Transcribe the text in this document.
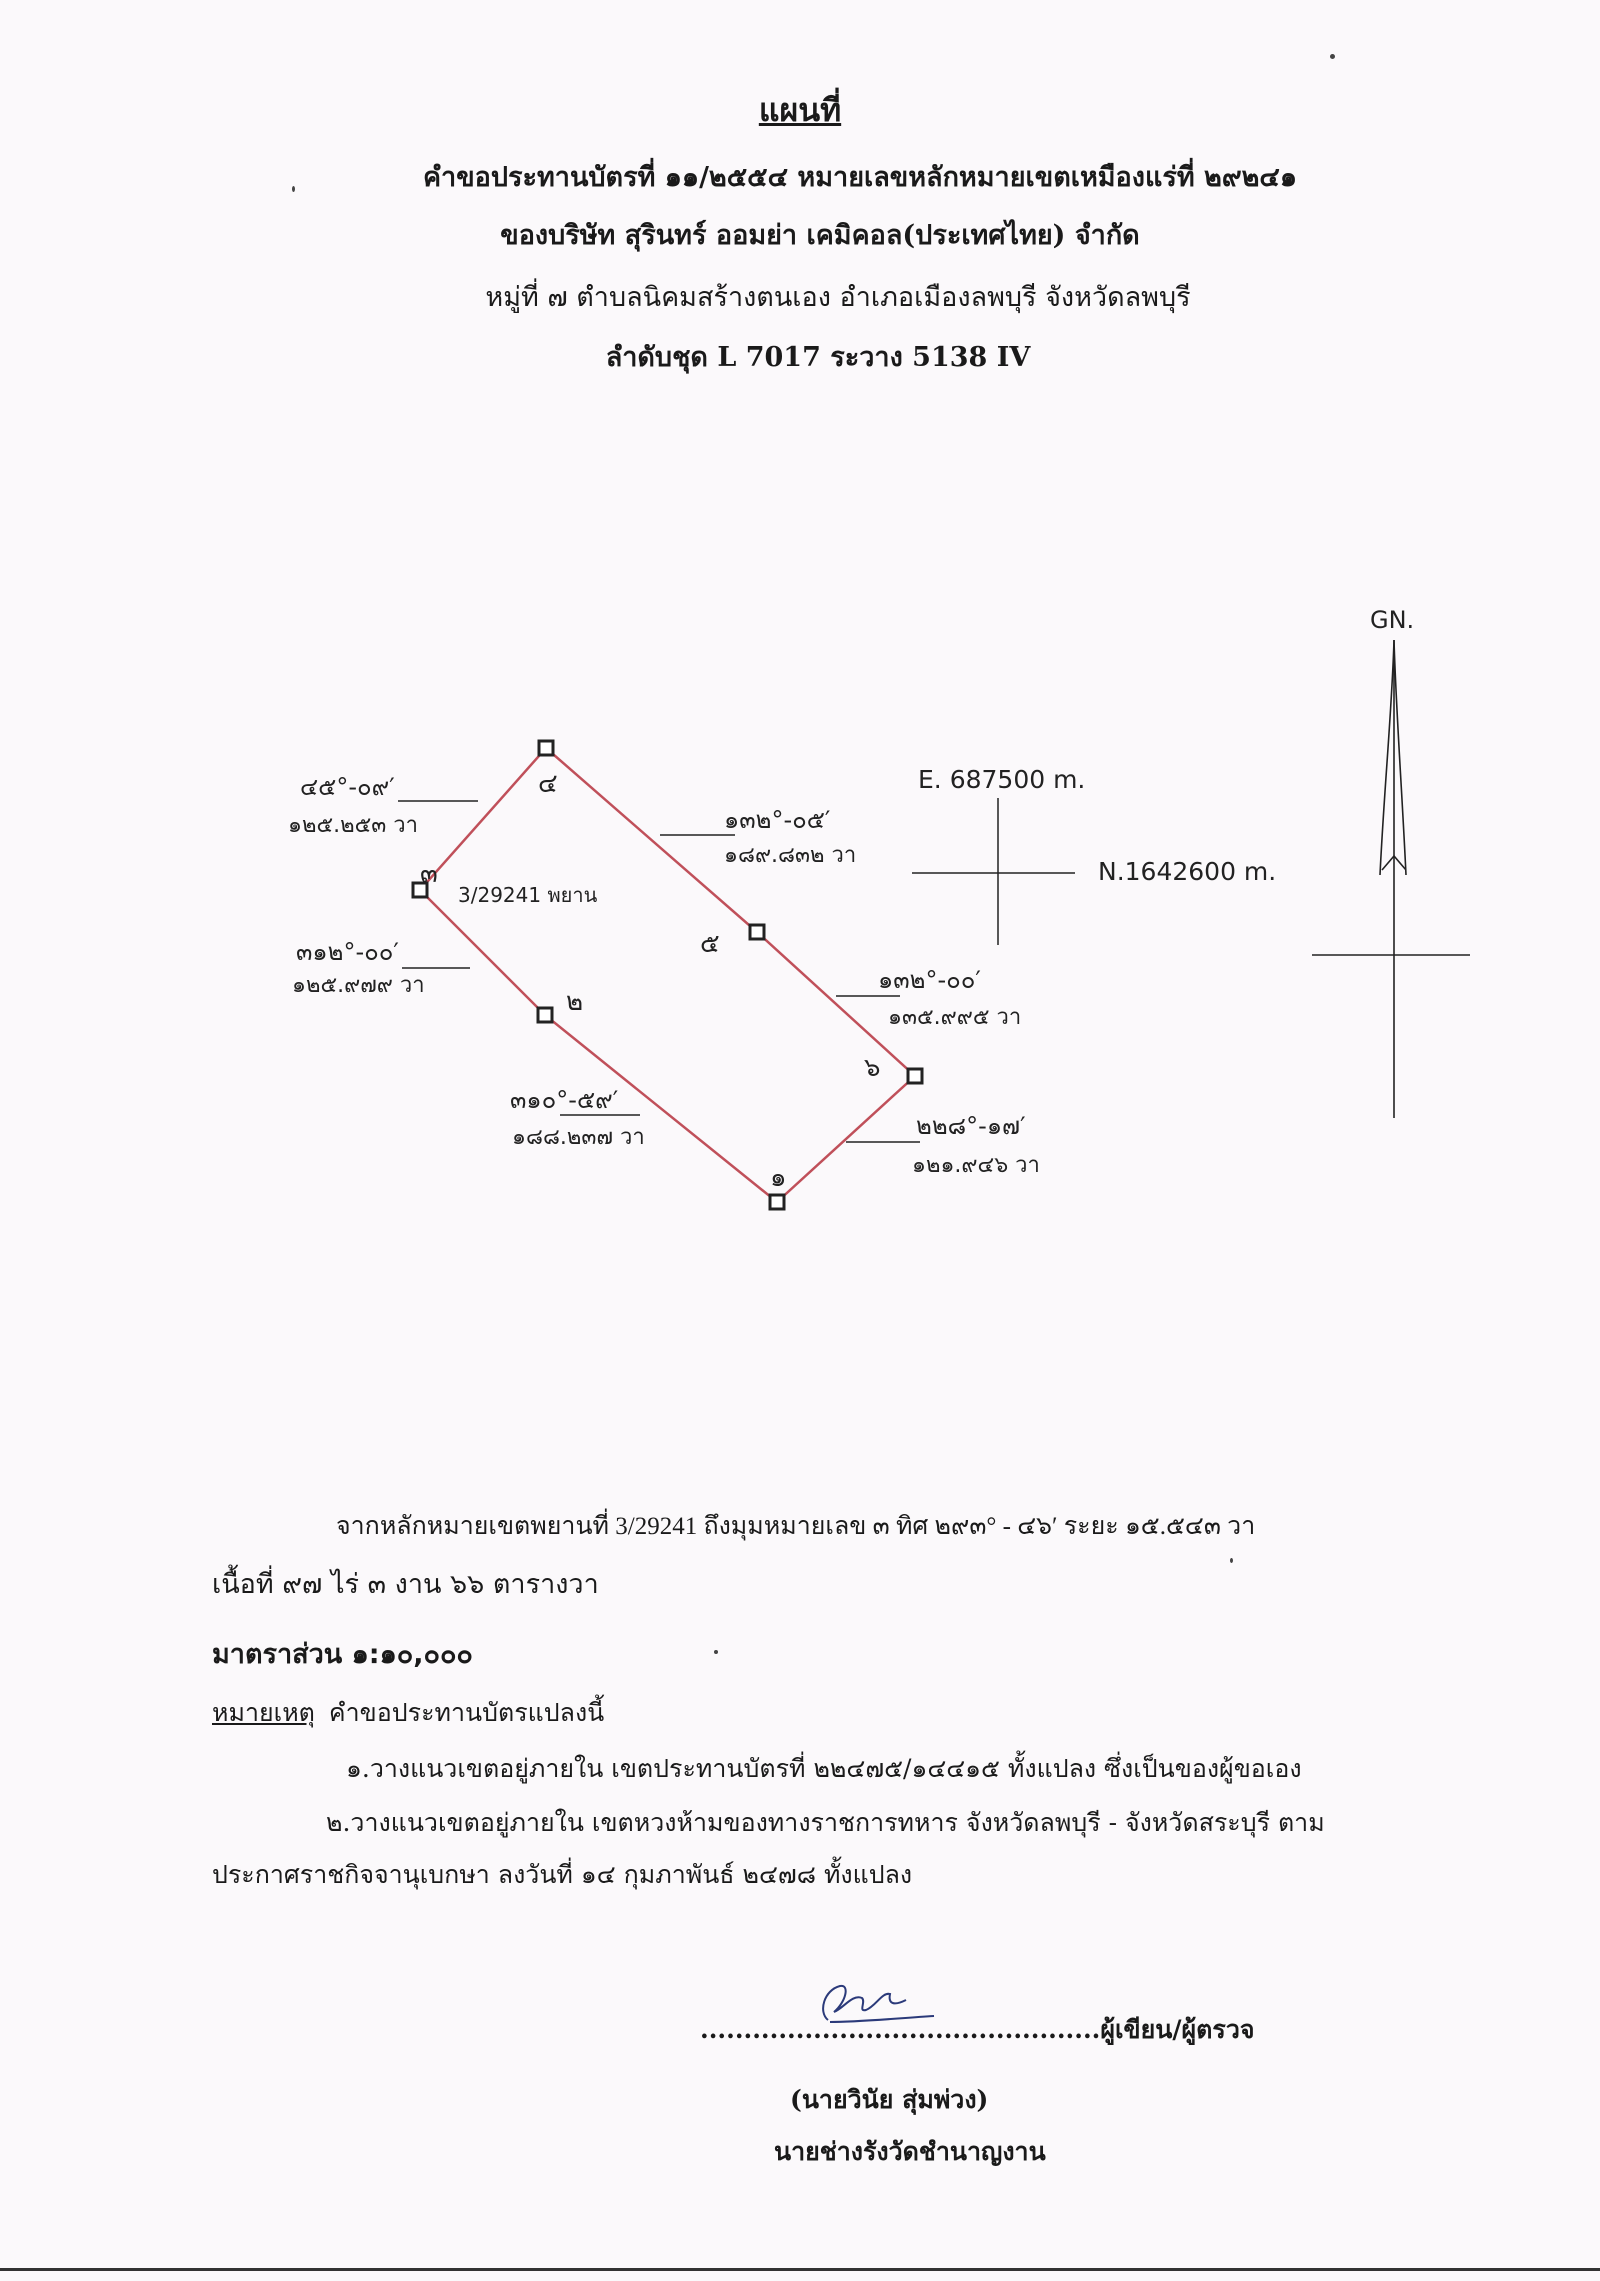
แผนที่
คำขอประทานบัตรที่ ๑๑/๒๕๕๔ หมายเลขหลักหมายเขตเหมืองแร่ที่ ๒๙๒๔๑
ของบริษัท สุรินทร์ ออมย่า เคมิคอล(ประเทศไทย) จำกัด
หมู่ที่ ๗ ตำบลนิคมสร้างตนเอง อำเภอเมืองลพบุรี จังหวัดลพบุรี
ลำดับชุด L 7017 ระวาง 5138 IV
๔
๕
๖
๑
๒
๓
3/29241 พยาน
E. 687500 m.
N.1642600 m.
GN.
๔๕°-๐๙′
๑๒๕.๒๕๓ วา	๑๓๒°-๐๕′
๑๘๙.๘๓๒ วา
๓๑๒°-๐๐′
๑๒๕.๙๗๙ วา	๑๓๒°-๐๐′
๑๓๕.๙๙๕ วา
๓๑๐°-๕๙′
๑๘๘.๒๓๗ วา	๒๒๘°-๑๗′
๑๒๑.๙๔๖ วา
จากหลักหมายเขตพยานที่ 3/29241 ถึงมุมหมายเลข ๓ ทิศ ๒๙๓° - ๔๖′ ระยะ ๑๕.๕๔๓ วา
เนื้อที่ ๙๗ ไร่ ๓ งาน ๖๖ ตารางวา
มาตราส่วน ๑:๑๐,๐๐๐
หมายเหตุ คำขอประทานบัตรแปลงนี้
๑.วางแนวเขตอยู่ภายใน เขตประทานบัตรที่ ๒๒๔๗๕/๑๔๔๑๕ ทั้งแปลง ซึ่งเป็นของผู้ขอเอง
๒.วางแนวเขตอยู่ภายใน เขตหวงห้ามของทางราชการทหาร จังหวัดลพบุรี - จังหวัดสระบุรี ตาม
ประกาศราชกิจจานุเบกษา ลงวันที่ ๑๔ กุมภาพันธ์ ๒๔๗๘ ทั้งแปลง
..............................................ผู้เขียน/ผู้ตรวจ
(นายวินัย สุ่มพ่วง)
นายช่างรังวัดชำนาญงาน
